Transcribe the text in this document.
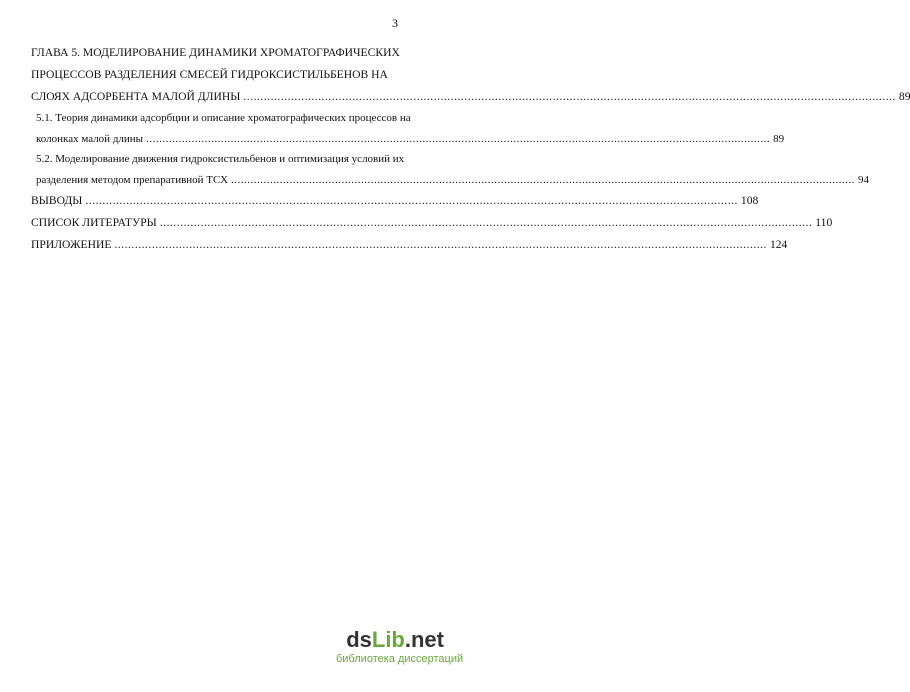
3
ГЛАВА 5. МОДЕЛИРОВАНИЕ ДИНАМИКИ ХРОМАТОГРАФИЧЕСКИХ
ПРОЦЕССОВ РАЗДЕЛЕНИЯ СМЕСЕЙ ГИДРОКСИСТИЛЬБЕНОВ НА
СЛОЯХ АДСОРБЕНТА МАЛОЙ ДЛИНЫ .....	89
5.1. Теория динамики адсорбции и описание хроматографических процессов на
колонках малой длины .....	89
5.2. Моделирование движения гидроксистильбенов и оптимизация условий их
разделения методом препаративной ТСХ .....	94
ВЫВОДЫ .....	108
СПИСОК ЛИТЕРАТУРЫ .....	110
ПРИЛОЖЕНИЕ .....	124
dsLib.net
библиотека диссертаций
